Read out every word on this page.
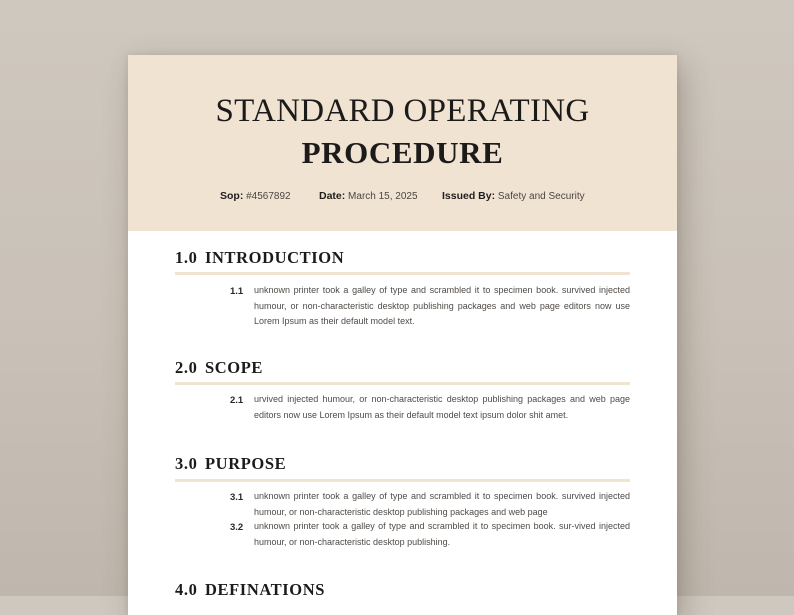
STANDARD OPERATING
PROCEDURE
Sop: #4567892	Date: March 15, 2025 Issued By: Safety and Security
1.0 INTRODUCTION
1.1 unknown printer took a galley of type and scrambled it to specimen book. survived injected humour, or non-characteristic desktop publishing packages and web page editors now use Lorem Ipsum as their default model text.
2.0 SCOPE
2.1 urvived injected humour, or non-characteristic desktop publishing packages and web page editors now use Lorem Ipsum as their default model text ipsum dolor shit amet.
3.0 PURPOSE
3.1 unknown printer took a galley of type and scrambled it to specimen book. survived injected humour, or non-characteristic desktop publishing packages and web page
3.2 unknown printer took a galley of type and scrambled it to specimen book. sur-vived injected humour, or non-characteristic desktop publishing.
4.0 DEFINATIONS
